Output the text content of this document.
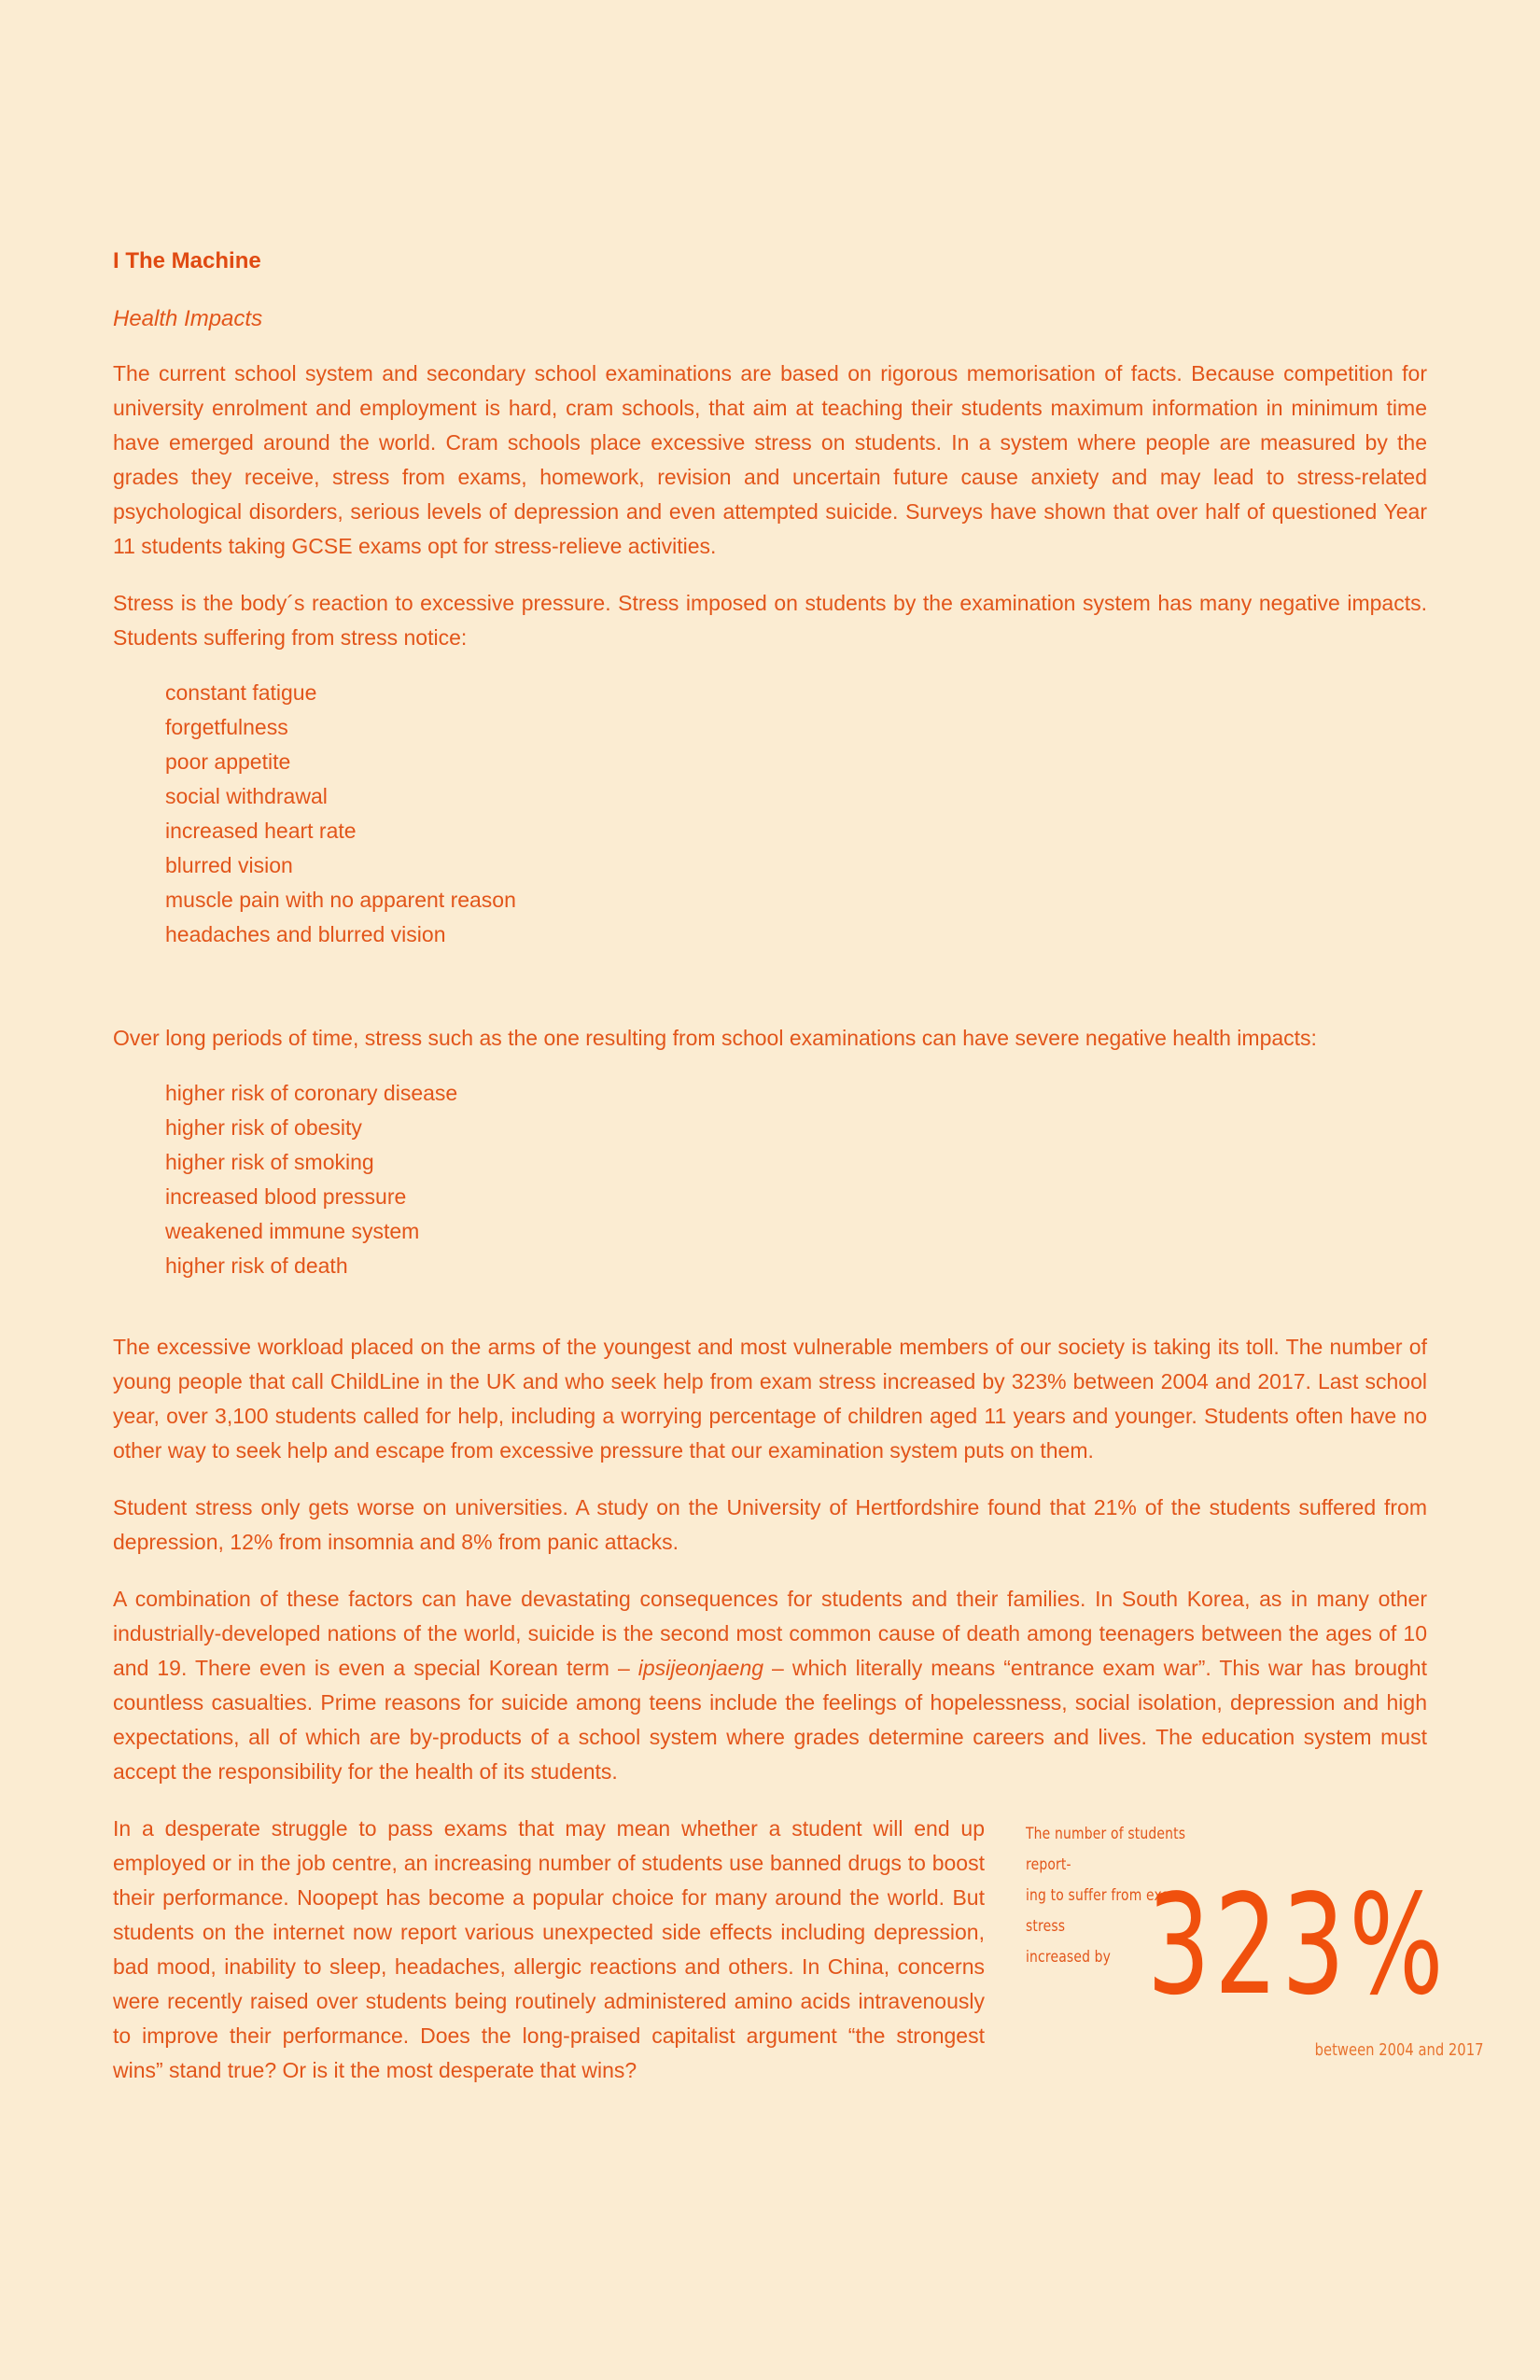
I The Machine
Health Impacts

The current school system and secondary school examinations are based on rigorous memorisation of facts. Because competition for university enrolment and employment is hard, cram schools, that aim at teaching their students maximum information in minimum time have emerged around the world. Cram schools place excessive stress on students. In a system where people are measured by the grades they receive, stress from exams, homework, revision and uncertain future cause anxiety and may lead to stress-related psychological disorders, serious levels of depression and even attempted suicide. Surveys have shown that over half of questioned Year 11 students taking GCSE exams opt for stress-relieve activities.

Stress is the body´s reaction to excessive pressure. Stress imposed on students by the examination system has many negative impacts. Students suffering from stress notice:

constant fatigue
forgetfulness
poor appetite
social withdrawal
increased heart rate
blurred vision
muscle pain with no apparent reason
headaches and blurred vision

Over long periods of time, stress such as the one resulting from school examinations can have severe negative health impacts:

higher risk of coronary disease
higher risk of obesity
higher risk of smoking
increased blood pressure
weakened immune system
higher risk of death

The excessive workload placed on the arms of the youngest and most vulnerable members of our society is taking its toll. The number of young people that call ChildLine in the UK and who seek help from exam stress increased by 323% between 2004 and 2017. Last school year, over 3,100 students called for help, including a worrying percentage of children aged 11 years and younger. Students often have no other way to seek help and escape from excessive pressure that our examination system puts on them.

Student stress only gets worse on universities. A study on the University of Hertfordshire found that 21% of the students suffered from depression, 12% from insomnia and 8% from panic attacks.

A combination of these factors can have devastating consequences for students and their families. In South Korea, as in many other industrially-developed nations of the world, suicide is the second most common cause of death among teenagers between the ages of 10 and 19. There even is even a special Korean term – ipsijeonjaeng – which literally means “entrance exam war”. This war has brought countless casualties. Prime reasons for suicide among teens include the feelings of hopelessness, social isolation, depression and high expectations, all of which are by-products of a school system where grades determine careers and lives. The education system must accept the responsibility for the health of its students.

In a desperate struggle to pass exams that may mean whether a student will end up employed or in the job centre, an increasing number of students use banned drugs to boost their performance. Noopept has become a popular choice for many around the world. But students on the internet now report various unexpected side effects including depression, bad mood, inability to sleep, headaches, allergic reactions and others. In China, concerns were recently raised over students being routinely administered amino acids intravenously to improve their performance. Does the long-praised capitalist argument “the strongest wins” stand true? Or is it the most desperate that wins?

The number of students report-
ing to suffer from exam stress
increased by 323%
between 2004 and 2017
